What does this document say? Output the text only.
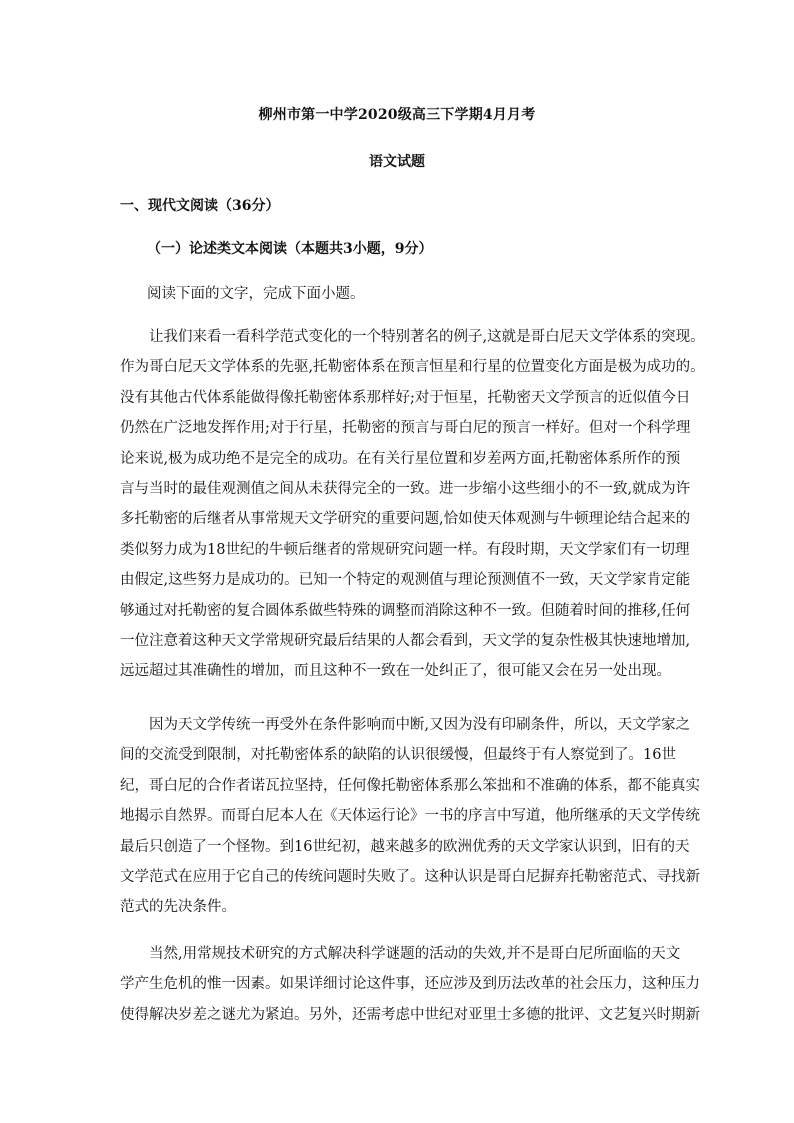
柳州市第一中学2020级高三下学期4月月考
语文试题
一、现代文阅读（36分）
（一）论述类文本阅读（本题共3小题，9分）
阅读下面的文字，完成下面小题。
让我们来看一看科学范式变化的一个特别著名的例子,这就是哥白尼天文学体系的突现。
作为哥白尼天文学体系的先驱,托勒密体系在预言恒星和行星的位置变化方面是极为成功的。
没有其他古代体系能做得像托勒密体系那样好;对于恒星，托勒密天文学预言的近似值今日
仍然在广泛地发挥作用;对于行星，托勒密的预言与哥白尼的预言一样好。但对一个科学理
论来说,极为成功绝不是完全的成功。在有关行星位置和岁差两方面,托勒密体系所作的预
言与当时的最佳观测值之间从未获得完全的一致。进一步缩小这些细小的不一致,就成为许
多托勒密的后继者从事常规天文学研究的重要问题,恰如使天体观测与牛顿理论结合起来的
类似努力成为18世纪的牛顿后继者的常规研究问题一样。有段时期，天文学家们有一切理
由假定,这些努力是成功的。已知一个特定的观测值与理论预测值不一致，天文学家肯定能
够通过对托勒密的复合圆体系做些特殊的调整而消除这种不一致。但随着时间的推移,任何
一位注意着这种天文学常规研究最后结果的人都会看到，天文学的复杂性极其快速地增加,
远远超过其准确性的增加，而且这种不一致在一处纠正了，很可能又会在另一处出现。
因为天文学传统一再受外在条件影响而中断,又因为没有印刷条件，所以，天文学家之
间的交流受到限制，对托勒密体系的缺陷的认识很缓慢，但最终于有人察觉到了。16世
纪，哥白尼的合作者诺瓦拉坚持，任何像托勒密体系那么笨拙和不准确的体系，都不能真实
地揭示自然界。而哥白尼本人在《天体运行论》一书的序言中写道，他所继承的天文学传统
最后只创造了一个怪物。到16世纪初，越来越多的欧洲优秀的天文学家认识到，旧有的天
文学范式在应用于它自己的传统问题时失败了。这种认识是哥白尼摒弃托勒密范式、寻找新
范式的先决条件。
当然,用常规技术研究的方式解决科学谜题的活动的失效,并不是哥白尼所面临的天文
学产生危机的惟一因素。如果详细讨论这件事，还应涉及到历法改革的社会压力，这种压力
使得解决岁差之谜尤为紧迫。另外，还需考虑中世纪对亚里士多德的批评、文艺复兴时期新
